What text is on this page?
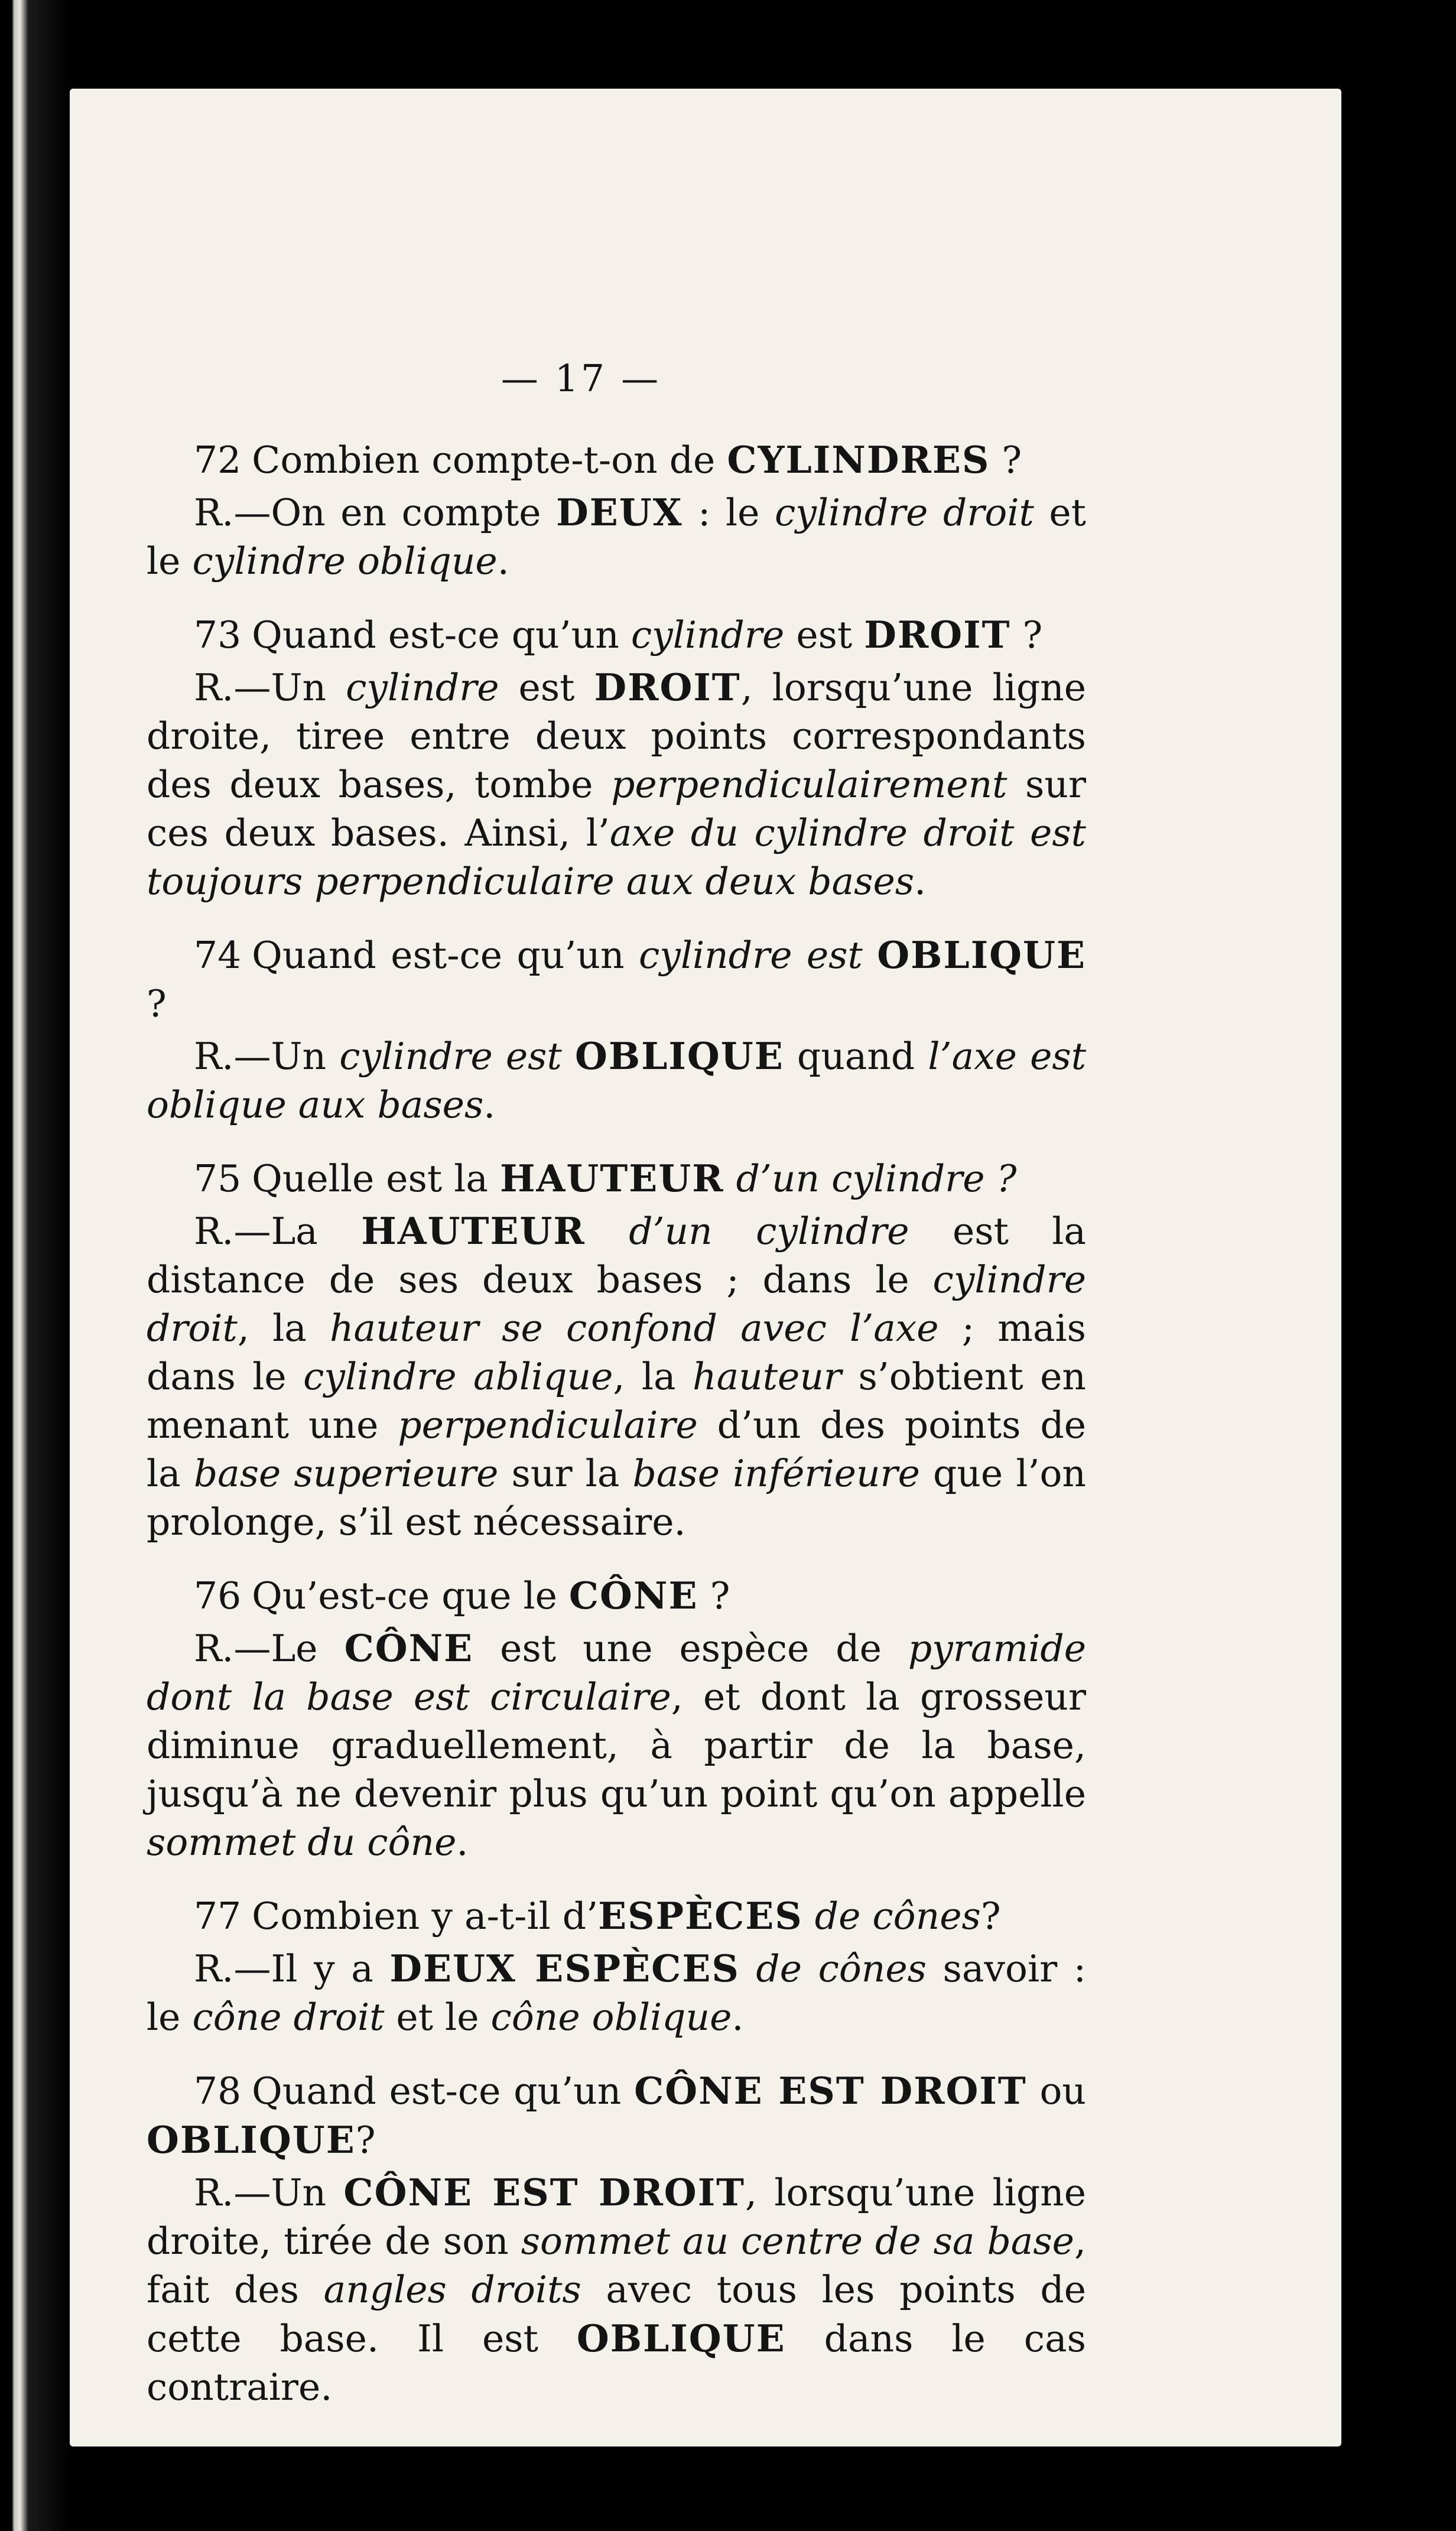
— 17 —

72 Combien compte-t-on de CYLINDRES ?

R.—On en compte DEUX : le cylindre droit et le cylindre oblique.

73 Quand est-ce qu’un cylindre est DROIT ?

R.—Un cylindre est DROIT, lorsqu’une ligne droite, tiree entre deux points correspondants des deux bases, tombe perpendiculairement sur ces deux bases. Ainsi, l’axe du cylindre droit est toujours perpendiculaire aux deux bases.

74 Quand est-ce qu’un cylindre est OBLIQUE ?

R.—Un cylindre est OBLIQUE quand l’axe est oblique aux bases.

75 Quelle est la HAUTEUR d’un cylindre ?

R.—La HAUTEUR d’un cylindre est la distance de ses deux bases ; dans le cylindre droit, la hauteur se confond avec l’axe ; mais dans le cylindre ablique, la hauteur s’obtient en menant une perpendiculaire d’un des points de la base superieure sur la base inférieure que l’on prolonge, s’il est nécessaire.

76 Qu’est-ce que le CÔNE ?

R.—Le CÔNE est une espèce de pyramide dont la base est circulaire, et dont la grosseur diminue graduellement, à partir de la base, jusqu’à ne devenir plus qu’un point qu’on appelle sommet du cône.

77 Combien y a-t-il d’ESPÈCES de cônes?

R.—Il y a DEUX ESPÈCES de cônes savoir : le cône droit et le cône oblique.

78 Quand est-ce qu’un CÔNE EST DROIT ou OBLIQUE?

R.—Un CÔNE EST DROIT, lorsqu’une ligne droite, tirée de son sommet au centre de sa base, fait des angles droits avec tous les points de cette base. Il est OBLIQUE dans le cas contraire.
